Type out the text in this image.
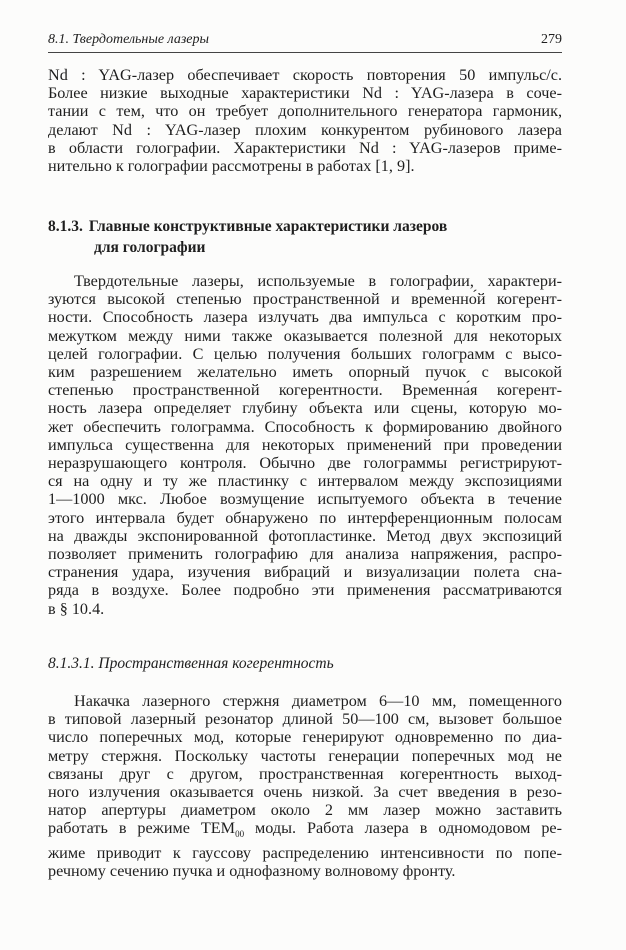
8.1. Твердотельные лазеры	279

Nd : YAG-лазер обеспечивает скорость повторения 50 импульс/с.
Более низкие выходные характеристики Nd : YAG-лазера в соче-
тании с тем, что он требует дополнительного генератора гармоник,
делают Nd : YAG-лазер плохим конкурентом рубинового лазера
в области голографии. Характеристики Nd : YAG-лазеров приме-
нительно к голографии рассмотрены в работах [1, 9].

8.1.3. Главные конструктивные характеристики лазеров
для голографии

Твердотельные лазеры, используемые в голографии, характери-
зуются высокой степенью пространственной и временно́й когерент-
ности. Способность лазера излучать два импульса с коротким про-
межутком между ними также оказывается полезной для некоторых
целей голографии. С целью получения больших голограмм с высо-
ким разрешением желательно иметь опорный пучок с высокой
степенью пространственной когерентности. Временна́я когерент-
ность лазера определяет глубину объекта или сцены, которую мо-
жет обеспечить голограмма. Способность к формированию двойного
импульса существенна для некоторых применений при проведении
неразрушающего контроля. Обычно две голограммы регистрируют-
ся на одну и ту же пластинку с интервалом между экспозициями
1—1000 мкс. Любое возмущение испытуемого объекта в течение
этого интервала будет обнаружено по интерференционным полосам
на дважды экспонированной фотопластинке. Метод двух экспозиций
позволяет применить голографию для анализа напряжения, распро-
странения удара, изучения вибраций и визуализации полета сна-
ряда в воздухе. Более подробно эти применения рассматриваются
в § 10.4.

8.1.3.1. Пространственная когерентность

Накачка лазерного стержня диаметром 6—10 мм, помещенного
в типовой лазерный резонатор длиной 50—100 см, вызовет большое
число поперечных мод, которые генерируют одновременно по диа-
метру стержня. Поскольку частоты генерации поперечных мод не
связаны друг с другом, пространственная когерентность выход-
ного излучения оказывается очень низкой. За счет введения в резо-
натор апертуры диаметром около 2 мм лазер можно заставить
работать в режиме $TEM_{00}$ моды. Работа лазера в одномодовом ре-
жиме приводит к гауссову распределению интенсивности по попе-
речному сечению пучка и однофазному волновому фронту.
